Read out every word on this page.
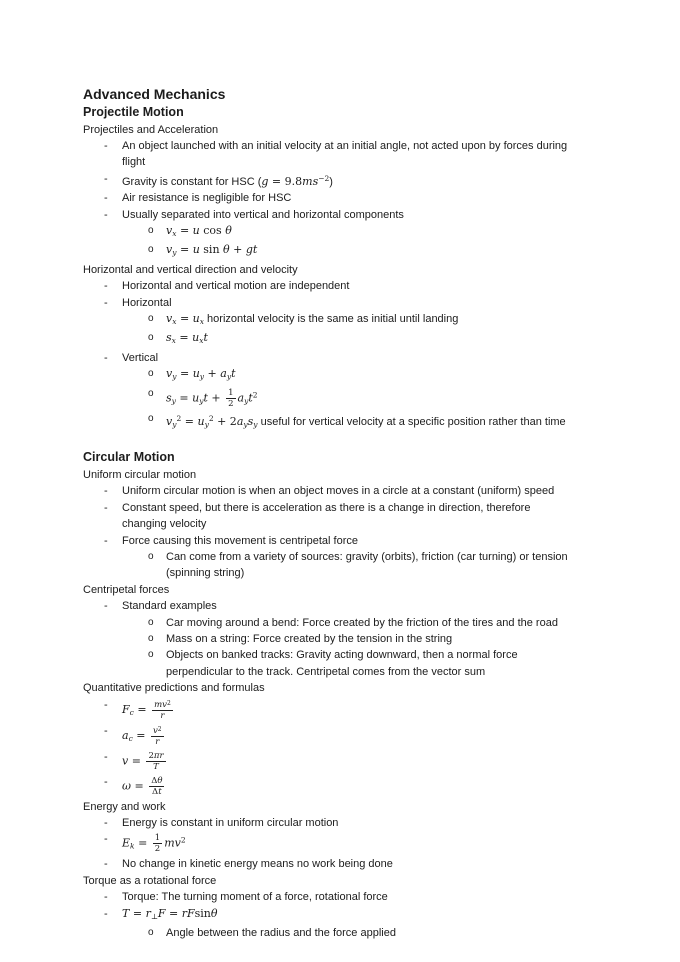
Advanced Mechanics
Projectile Motion
Projectiles and Acceleration
-	An object launched with an initial velocity at an initial angle, not acted upon by forces during
flight
-	Gravity is constant for HSC $(g = 9.8ms^{-2})$
-	Air resistance is negligible for HSC
-	Usually separated into vertical and horizontal components
o	$v_x = u$ cos θ
o	$v_y = u$ sin θ + gt
Horizontal and vertical direction and velocity
-	Horizontal and vertical motion are independent
-	Horizontal
o	$v_x = u_x$ horizontal velocity is the same as initial until landing
o	$s_x = u_xt$
-	Vertical
o	$v_y = u_y + a_yt$
o	$s_y = u_yt + \frac{1}{2} a_yt^2$
o	$v_y^2 = u_y^2 + 2a_ys_y$ useful for vertical velocity at a specific position rather than time
Circular Motion
Uniform circular motion
-	Uniform circular motion is when an object moves in a circle at a constant (uniform) speed
-	Constant speed, but there is acceleration as there is a change in direction, therefore
changing velocity
-	Force causing this movement is centripetal force
o	Can come from a variety of sources: gravity (orbits), friction (car turning) or tension
(spinning string)
Centripetal forces
-	Standard examples
o	Car moving around a bend: Force created by the friction of the tires and the road
o	Mass on a string: Force created by the tension in the string
o	Objects on banked tracks: Gravity acting downward, then a normal force
perpendicular to the track. Centripetal comes from the vector sum
Quantitative predictions and formulas
-	$F_c = \frac{mv^2}{r}$
-	$a_c = \frac{v^2}{r}$
-	$v = \frac{2\pi r}{T}$
-	$\omega = \frac{\Delta\theta}{\Delta t}$
Energy and work
-	Energy is constant in uniform circular motion
-	$E_k = \frac{1}{2} mv^2$
-	No change in kinetic energy means no work being done
Torque as a rotational force
-	Torque: The turning moment of a force, rotational force
-	$T = r_\perp F = rFsin\theta$
o	Angle between the radius and the force applied
